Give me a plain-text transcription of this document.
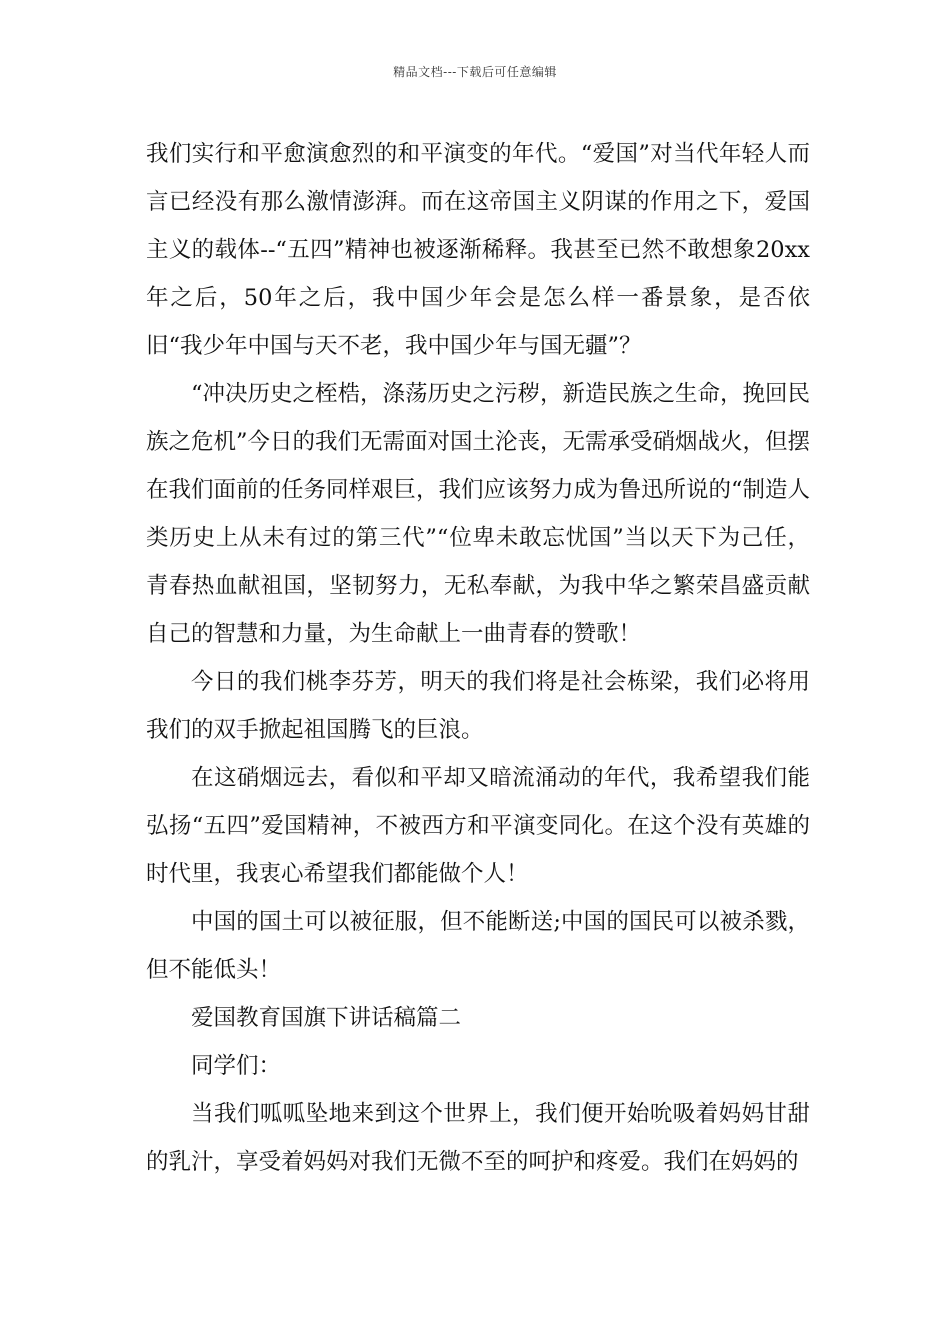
精品文档---下载后可任意编辑

我们实行和平愈演愈烈的和平演变的年代。“爱国”对当代年轻人而言已经没有那么激情澎湃。而在这帝国主义阴谋的作用之下，爱国主义的载体--“五四”精神也被逐渐稀释。我甚至已然不敢想象20xx年之后，50年之后，我中国少年会是怎么样一番景象，是否依旧“我少年中国与天不老，我中国少年与国无疆”？

“冲决历史之桎梏，涤荡历史之污秽，新造民族之生命，挽回民族之危机”今日的我们无需面对国土沦丧，无需承受硝烟战火，但摆在我们面前的任务同样艰巨，我们应该努力成为鲁迅所说的“制造人类历史上从未有过的第三代”“位卑未敢忘忧国”当以天下为己任，青春热血献祖国，坚韧努力，无私奉献，为我中华之繁荣昌盛贡献自己的智慧和力量，为生命献上一曲青春的赞歌！

今日的我们桃李芬芳，明天的我们将是社会栋梁，我们必将用我们的双手掀起祖国腾飞的巨浪。

在这硝烟远去，看似和平却又暗流涌动的年代，我希望我们能弘扬“五四”爱国精神，不被西方和平演变同化。在这个没有英雄的时代里，我衷心希望我们都能做个人！

中国的国土可以被征服，但不能断送;中国的国民可以被杀戮，但不能低头！

爱国教育国旗下讲话稿篇二

同学们：

当我们呱呱坠地来到这个世界上，我们便开始吮吸着妈妈甘甜的乳汁，享受着妈妈对我们无微不至的呵护和疼爱。我们在妈妈的
